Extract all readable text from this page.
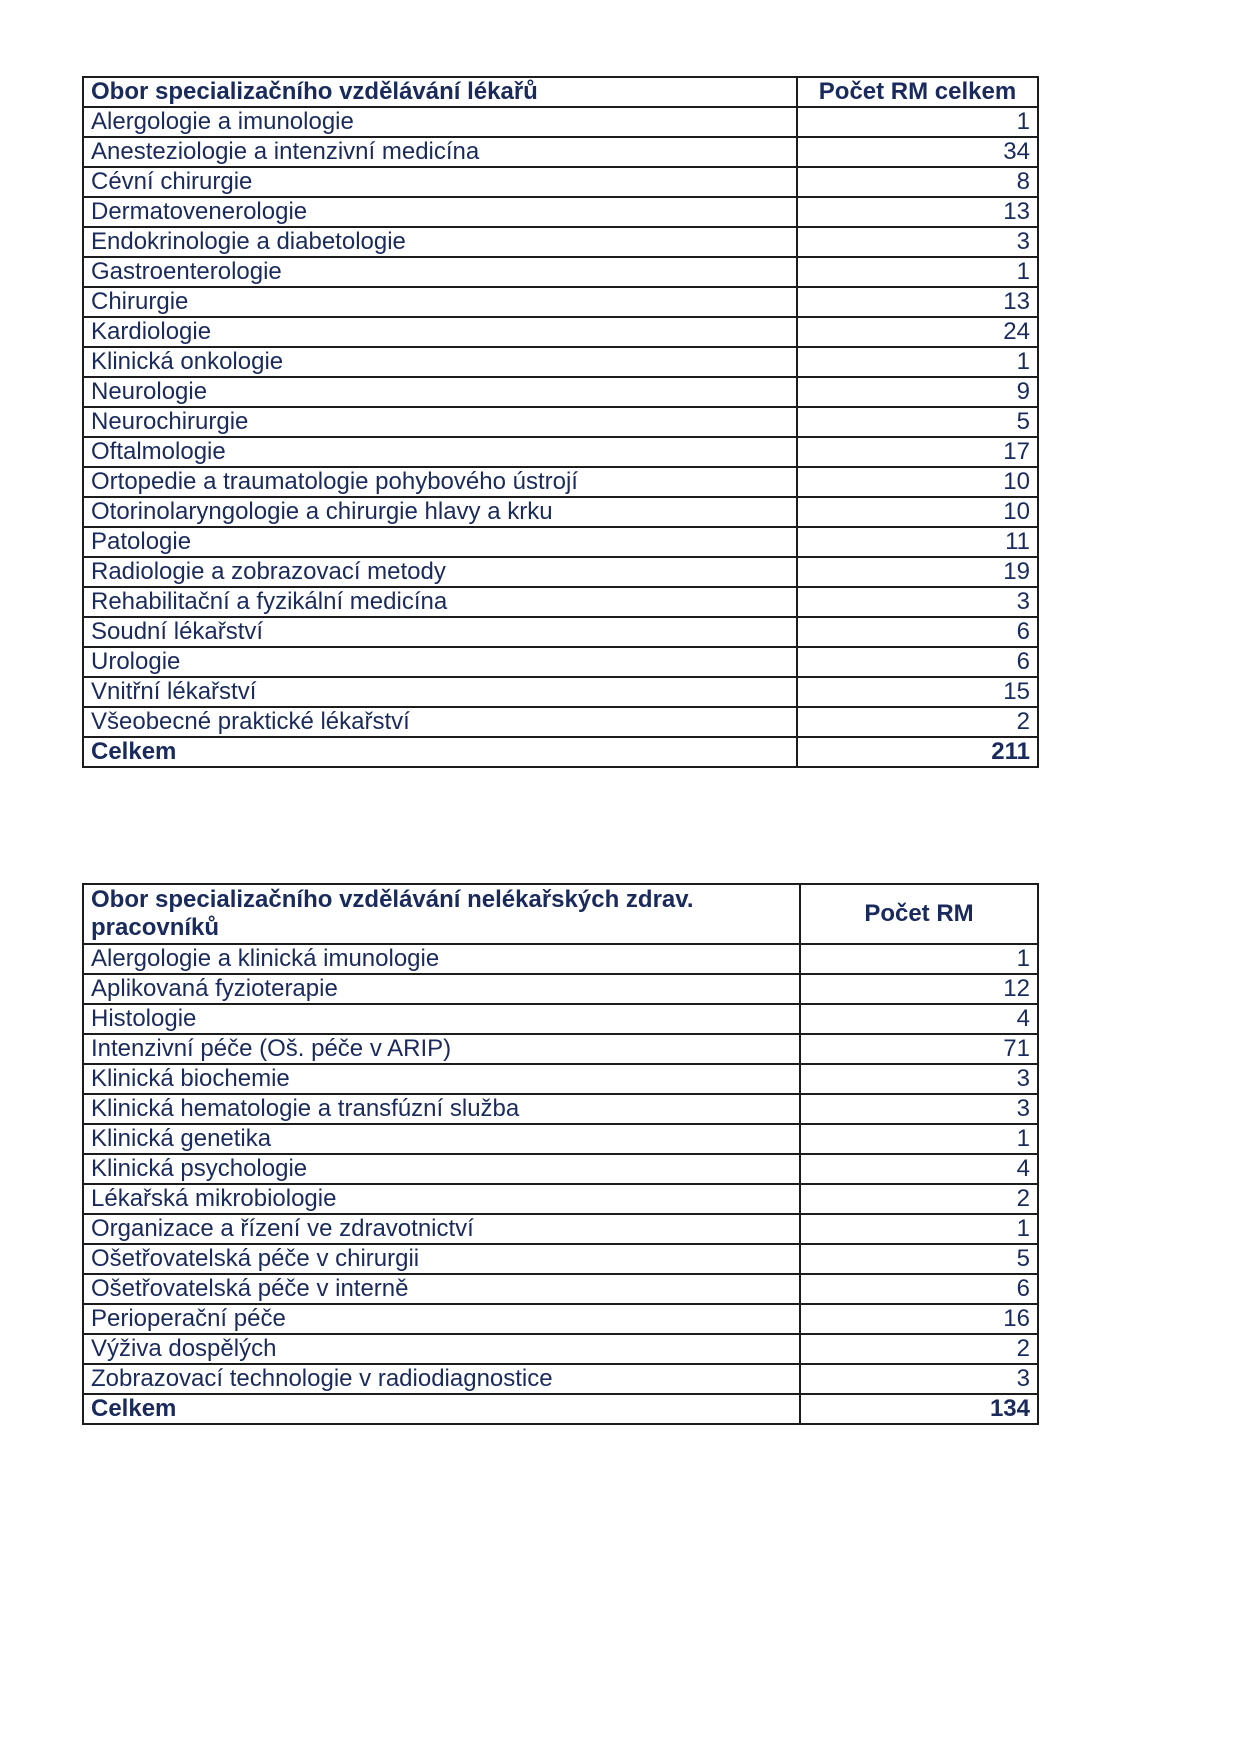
Obor specializačního vzdělávání lékařů	Počet RM celkem
Alergologie a imunologie	1
Anesteziologie a intenzivní medicína	34
Cévní chirurgie	8
Dermatovenerologie	13
Endokrinologie a diabetologie	3
Gastroenterologie	1
Chirurgie	13
Kardiologie	24
Klinická onkologie	1
Neurologie	9
Neurochirurgie	5
Oftalmologie	17
Ortopedie a traumatologie pohybového ústrojí	10
Otorinolaryngologie a chirurgie hlavy a krku	10
Patologie	11
Radiologie a zobrazovací metody	19
Rehabilitační a fyzikální medicína	3
Soudní lékařství	6
Urologie	6
Vnitřní lékařství	15
Všeobecné praktické lékařství	2
Celkem	211
Obor specializačního vzdělávání nelékařských zdrav. pracovníků	Počet RM
Alergologie a klinická imunologie	1
Aplikovaná fyzioterapie	12
Histologie	4
Intenzivní péče (Oš. péče v ARIP)	71
Klinická biochemie	3
Klinická hematologie a transfúzní služba	3
Klinická genetika	1
Klinická psychologie	4
Lékařská mikrobiologie	2
Organizace a řízení ve zdravotnictví	1
Ošetřovatelská péče v chirurgii	5
Ošetřovatelská péče v interně	6
Perioperační péče	16
Výživa dospělých	2
Zobrazovací technologie v radiodiagnostice	3
Celkem	134
